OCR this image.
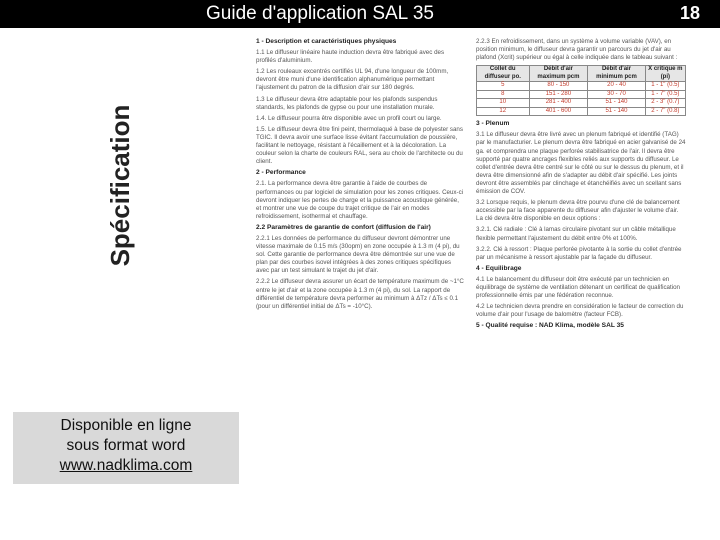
Guide d'application SAL 35	18
Spécification
Disponible en ligne
sous format word
www.nadklima.com

1 - Description et caractéristiques physiques

1.1 Le diffuseur linéaire haute induction devra être fabriqué avec des profilés d'aluminium.

1.2 Les rouleaux excentrés certifiés UL 94, d'une longueur de 100mm, devront être muni d'une identification alphanumérique permettant l'ajustement du patron de la diffusion d'air sur 180 degrés.

1.3 Le diffuseur devra être adaptable pour les plafonds suspendus standards, les plafonds de gypse ou pour une installation murale.

1.4. Le diffuseur pourra être disponible avec un profil court ou large.

1.5. Le diffuseur devra être fini peint, thermolaqué à base de polyester sans TGIC. Il devra avoir une surface lisse évitant l'accumulation de poussière, facilitant le nettoyage, résistant à l'écaillement et à la décoloration. La couleur selon la charte de couleurs RAL, sera au choix de l'architecte ou du client.

2 - Performance

2.1. La performance devra être garantie à l'aide de courbes de performances ou par logiciel de simulation pour les zones critiques. Ceux-ci devront indiquer les pertes de charge et la puissance acoustique générée, et montrer une vue de coupe du trajet critique de l'air en modes refroidissement, isothermal et chauffage.

2.2 Paramètres de garantie de confort (diffusion de l'air)

2.2.1 Les données de performance du diffuseur devront démontrer une vitesse maximale de 0.15 m/s (30opm) en zone occupée à 1.3 m (4 pi), du sol. Cette garantie de performance devra être démontrée sur une vue de plan par des courbes isovel intégrées à des zones critiques spécifiques avec par un test simulant le trajet du jet d'air.

2.2.2 Le diffuseur devra assurer un écart de température maximum de ~1°C entre le jet d'air et la zone occupée à 1.3 m (4 pi), du sol. La rapport de différentiel de température devra performer au minimum à ΔTᴢ / ΔTs ≤ 0.1 (pour un différentiel initial de ΔTs = -10°C).

2.2.3 En refroidissement, dans un système à volume variable (VAV), en position minimum, le diffuseur devra garantir un parcours du jet d'air au plafond (Xcrit) supérieur ou égal à celle indiquée dans le tableau suivant :

Collet du diffuseur po.	Débit d'air maximum pcm	Débit d'air minimum pcm	X critique m (pi)
5	80 - 150	20 - 40	1 - 1" (0.5)
8	151 - 280	30 - 70	1 - 7" (0.5)
10	281 - 400	51 - 140	2 - 3" (0.7)
12	401 - 600	51 - 140	2 - 7" (0.8)

3 - Plenum

3.1 Le diffuseur devra être livré avec un plenum fabriqué et identifié (TAG) par le manufacturier. Le plenum devra être fabriqué en acier galvanisé de 24 ga. et comprendra une plaque perforée stabilisatrice de l'air. Il devra être supporté par quatre ancrages flexibles reliés aux supports du diffuseur. Le collet d'entrée devra être centré sur le côté ou sur le dessus du plenum, et il devra être dimensionné afin de s'adapter au débit d'air spécifié. Les joints devront être assemblés par clinchage et étanchéifiés avec un scellant sans émission de COV.

3.2 Lorsque requis, le plenum devra être pourvu d'une clé de balancement accessible par la face apparente du diffuseur afin d'ajuster le volume d'air. La clé devra être disponible en deux options :

3.2.1. Clé radiale : Clé à lamas circulaire pivotant sur un câble métallique flexible permettant l'ajustement du débit entre 0% et 100%.

3.2.2. Clé à ressort : Plaque perforée pivotante à la sortie du collet d'entrée par un mécanisme à ressort ajustable par la façade du diffuseur.

4 - Equilibrage

4.1 Le balancement du diffuseur doit être exécuté par un technicien en équilibrage de système de ventilation détenant un certificat de qualification professionnelle émis par une fédération reconnue.

4.2 Le technicien devra prendre en considération le facteur de correction du volume d'air pour l'usage de balomètre (facteur FCB).

5 - Qualité requise : NAD Klima, modèle SAL 35
